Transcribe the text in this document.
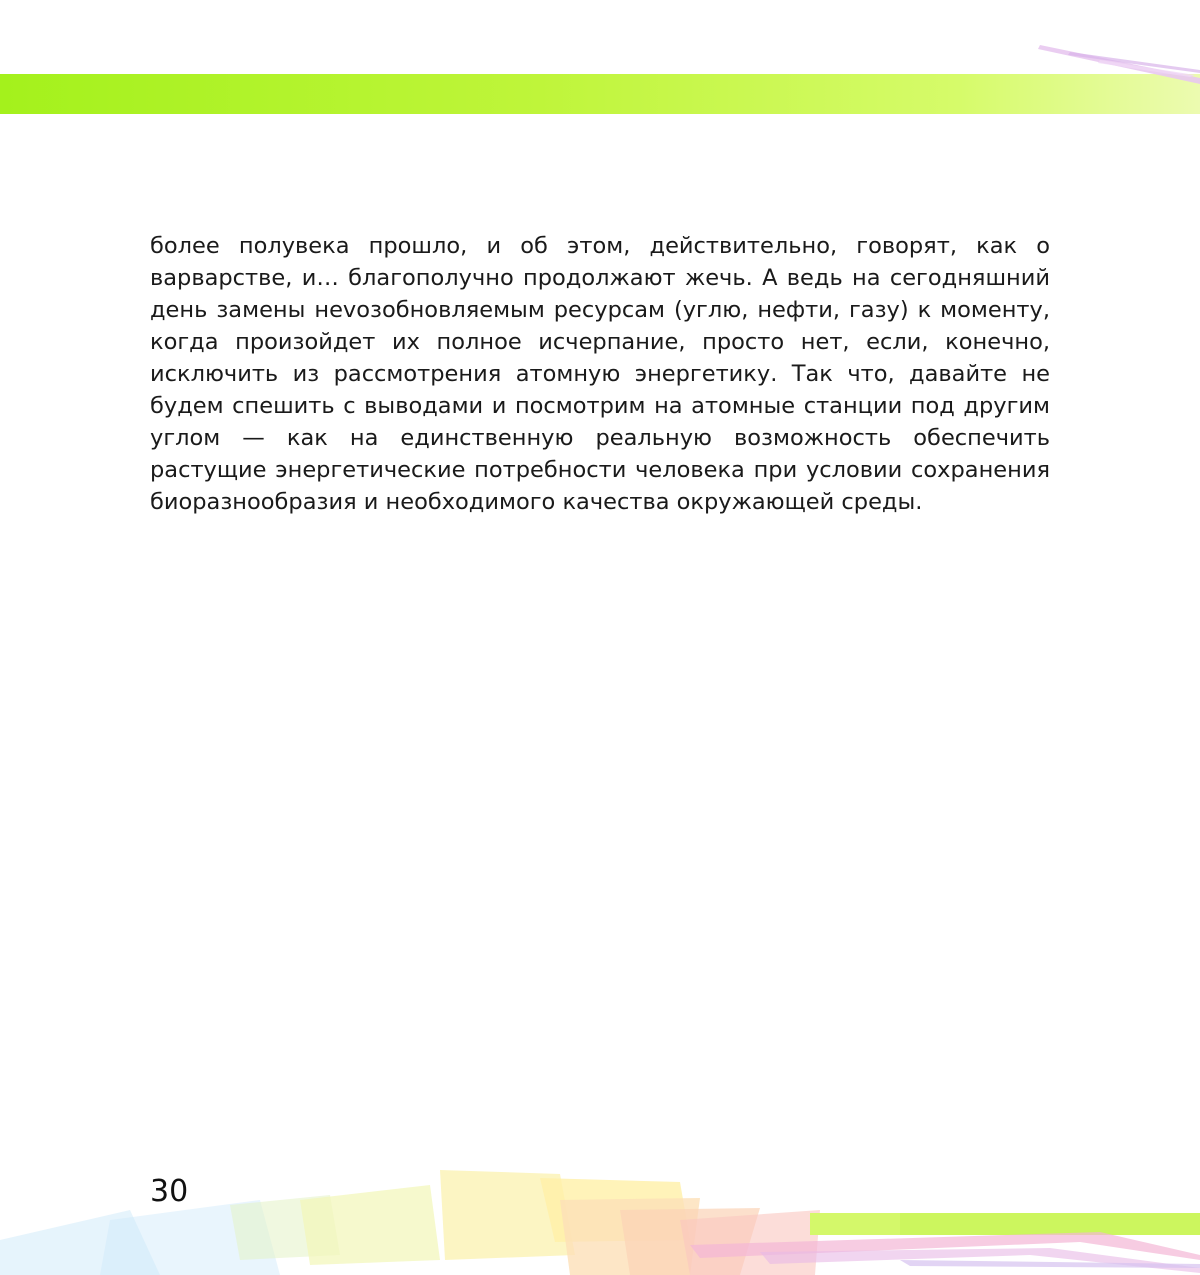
более полувека прошло, и об этом, действительно, говорят, как о варварстве, и… благополучно продолжают жечь. А ведь на сегодняшний день замены неvозобновляемым ресурсам (углю, нефти, газу) к моменту, когда произойдет их полное исчерпание, просто нет, если, конечно, исключить из рассмотрения атомную энергетику. Так что, давайте не будем спешить с выводами и посмотрим на атомные станции под другим углом — как на единственную реальную возможность обеспечить растущие энергетические потребности человека при условии сохранения биоразнообразия и необходимого качества окружающей среды.

30
